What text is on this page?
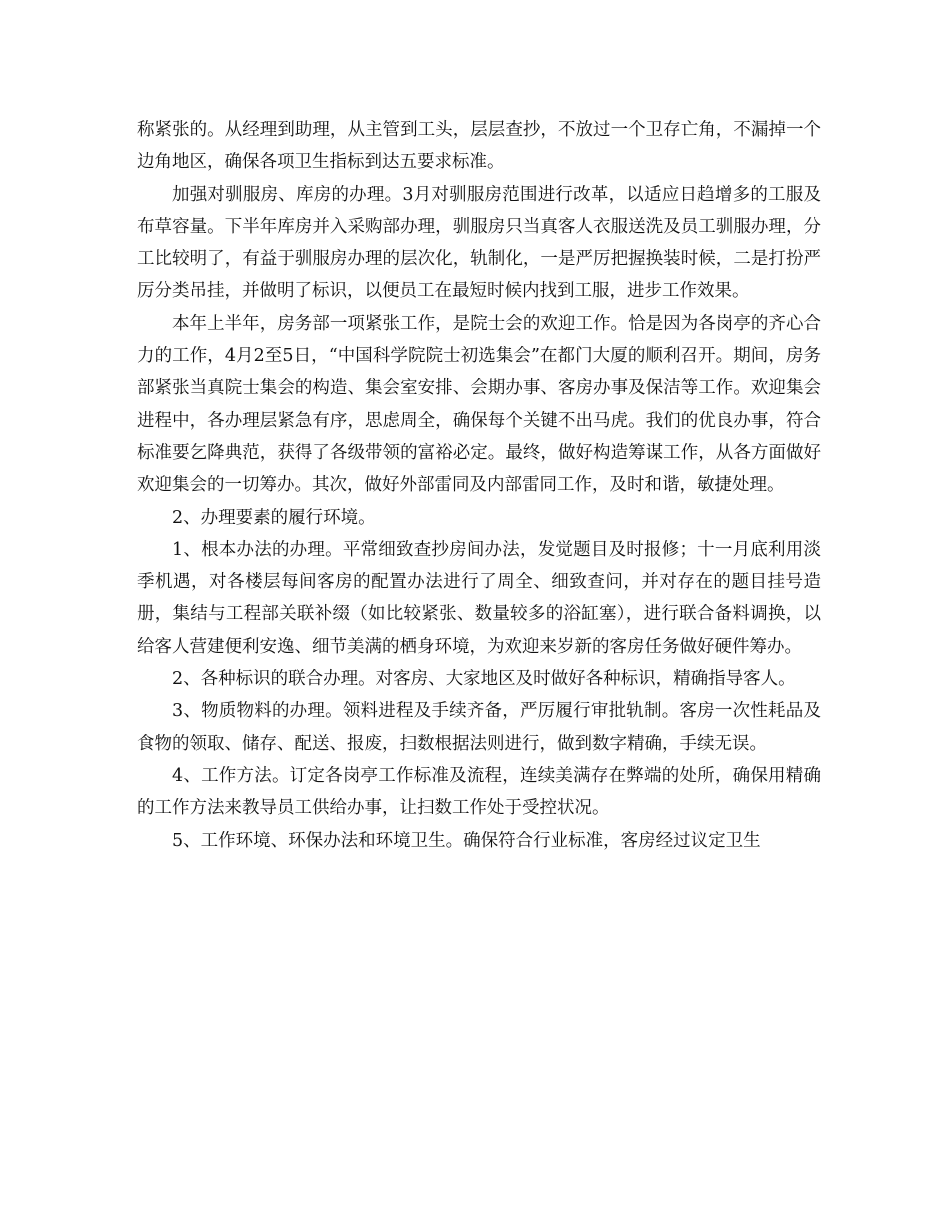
称紧张的。从经理到助理，从主管到工头，层层查抄，不放过一个卫存亡角，不漏掉一个边角地区，确保各项卫生指标到达五要求标准。

加强对驯服房、库房的办理。3月对驯服房范围进行改革，以适应日趋增多的工服及布草容量。下半年库房并入采购部办理，驯服房只当真客人衣服送洗及员工驯服办理，分工比较明了，有益于驯服房办理的层次化，轨制化，一是严厉把握换装时候，二是打扮严厉分类吊挂，并做明了标识，以便员工在最短时候内找到工服，进步工作效果。

本年上半年，房务部一项紧张工作，是院士会的欢迎工作。恰是因为各岗亭的齐心合力的工作，4月2至5日，“中国科学院院士初选集会”在都门大厦的顺利召开。期间，房务部紧张当真院士集会的构造、集会室安排、会期办事、客房办事及保洁等工作。欢迎集会进程中，各办理层紧急有序，思虑周全，确保每个关键不出马虎。我们的优良办事，符合标准要乞降典范，获得了各级带领的富裕必定。最终，做好构造筹谋工作，从各方面做好欢迎集会的一切筹办。其次，做好外部雷同及内部雷同工作，及时和谐，敏捷处理。

2、办理要素的履行环境。

1、根本办法的办理。平常细致查抄房间办法，发觉题目及时报修；十一月底利用淡季机遇，对各楼层每间客房的配置办法进行了周全、细致查问，并对存在的题目挂号造册，集结与工程部关联补缀（如比较紧张、数量较多的浴缸塞），进行联合备料调换，以给客人营建便利安逸、细节美满的栖身环境，为欢迎来岁新的客房任务做好硬件筹办。

2、各种标识的联合办理。对客房、大家地区及时做好各种标识，精确指导客人。

3、物质物料的办理。领料进程及手续齐备，严厉履行审批轨制。客房一次性耗品及食物的领取、储存、配送、报废，扫数根据法则进行，做到数字精确，手续无误。

4、工作方法。订定各岗亭工作标准及流程，连续美满存在弊端的处所，确保用精确的工作方法来教导员工供给办事，让扫数工作处于受控状况。

5、工作环境、环保办法和环境卫生。确保符合行业标准，客房经过议定卫生
